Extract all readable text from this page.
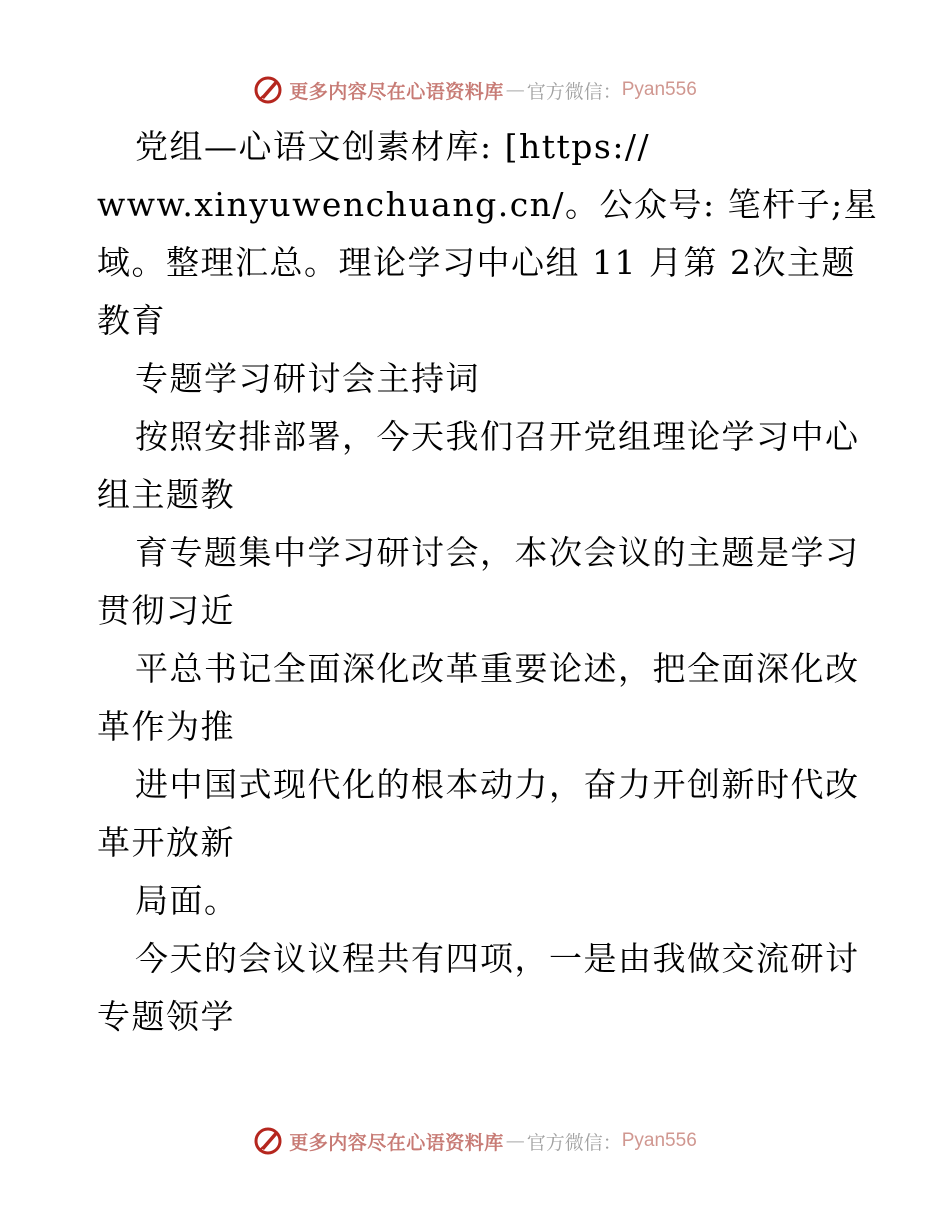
更多内容尽在心语资料库 — 官方微信： Pyan556
党组—心语文创素材库: [https://
www.xinyuwenchuang.cn/。公众号: 笔杆子;星
域。整理汇总。理论学习中心组 11 月第 2次主题
教育
专题学习研讨会主持词
按照安排部署，今天我们召开党组理论学习中心
组主题教
育专题集中学习研讨会，本次会议的主题是学习
贯彻习近
平总书记全面深化改革重要论述，把全面深化改
革作为推
进中国式现代化的根本动力，奋力开创新时代改
革开放新
局面。
今天的会议议程共有四项，一是由我做交流研讨
专题领学
更多内容尽在心语资料库 — 官方微信： Pyan556
